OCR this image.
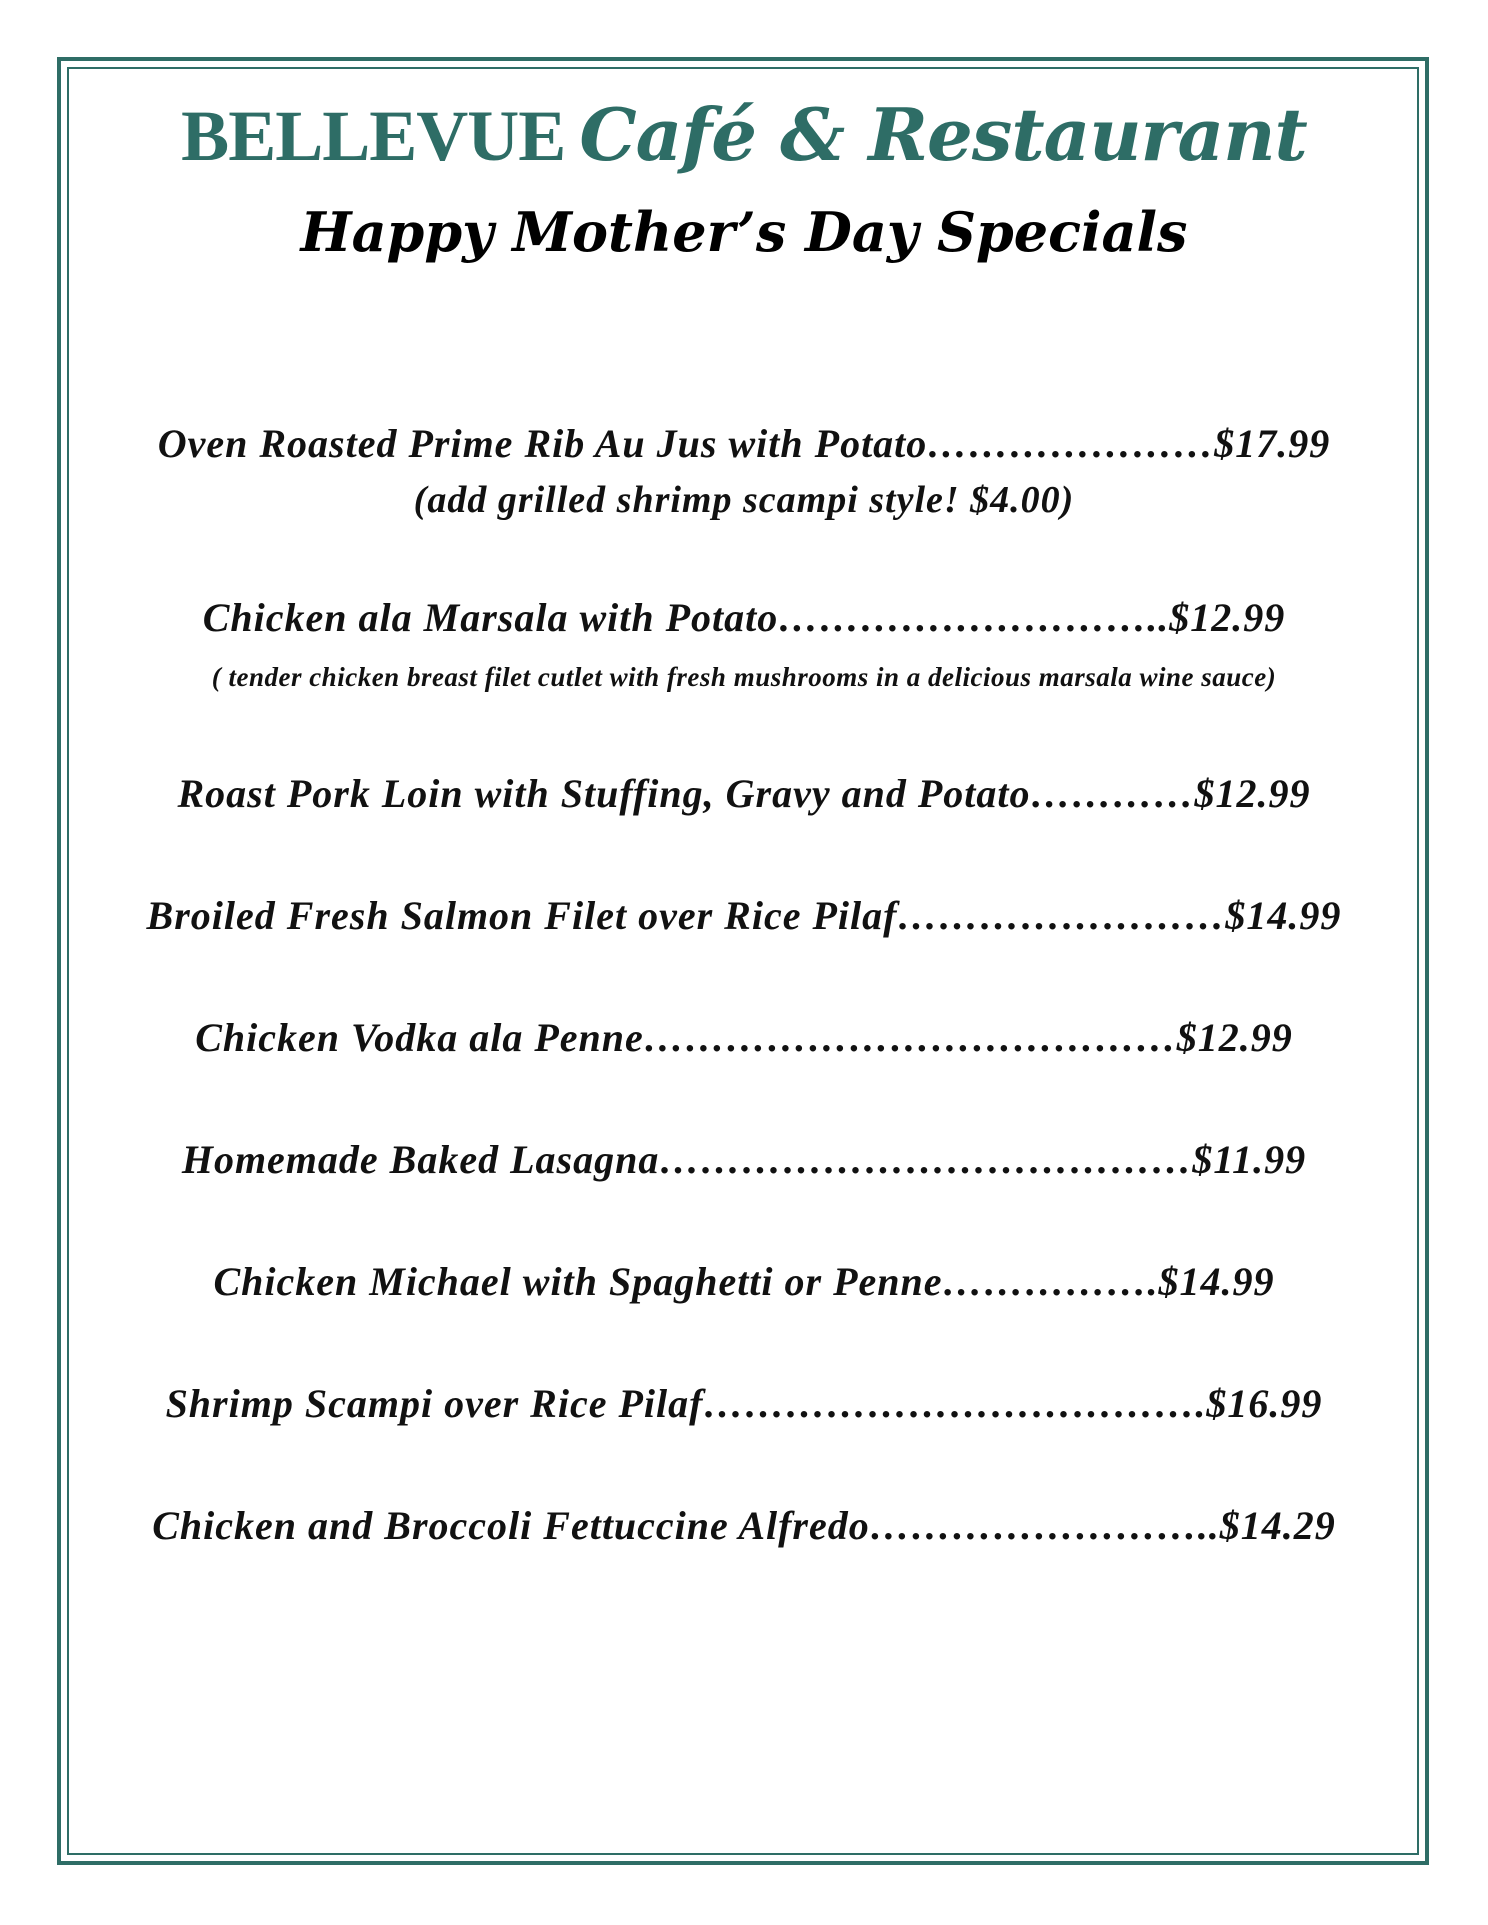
BELLEVUE Café & Restaurant
Happy Mother’s Day Specials
Oven Roasted Prime Rib Au Jus with Potato…………………$17.99
(add grilled shrimp scampi style! $4.00)
Chicken ala Marsala with Potato………………………..$12.99
( tender chicken breast filet cutlet with fresh mushrooms in a delicious marsala wine sauce)
Roast Pork Loin with Stuffing, Gravy and Potato…………$12.99
Broiled Fresh Salmon Filet over Rice Pilaf……………………$14.99
Chicken Vodka ala Penne…………………………………$12.99
Homemade Baked Lasagna…………………………………$11.99
Chicken Michael with Spaghetti or Penne…………….$14.99
Shrimp Scampi over Rice Pilaf……………………………….$16.99
Chicken and Broccoli Fettuccine Alfredo……………………..$14.29
